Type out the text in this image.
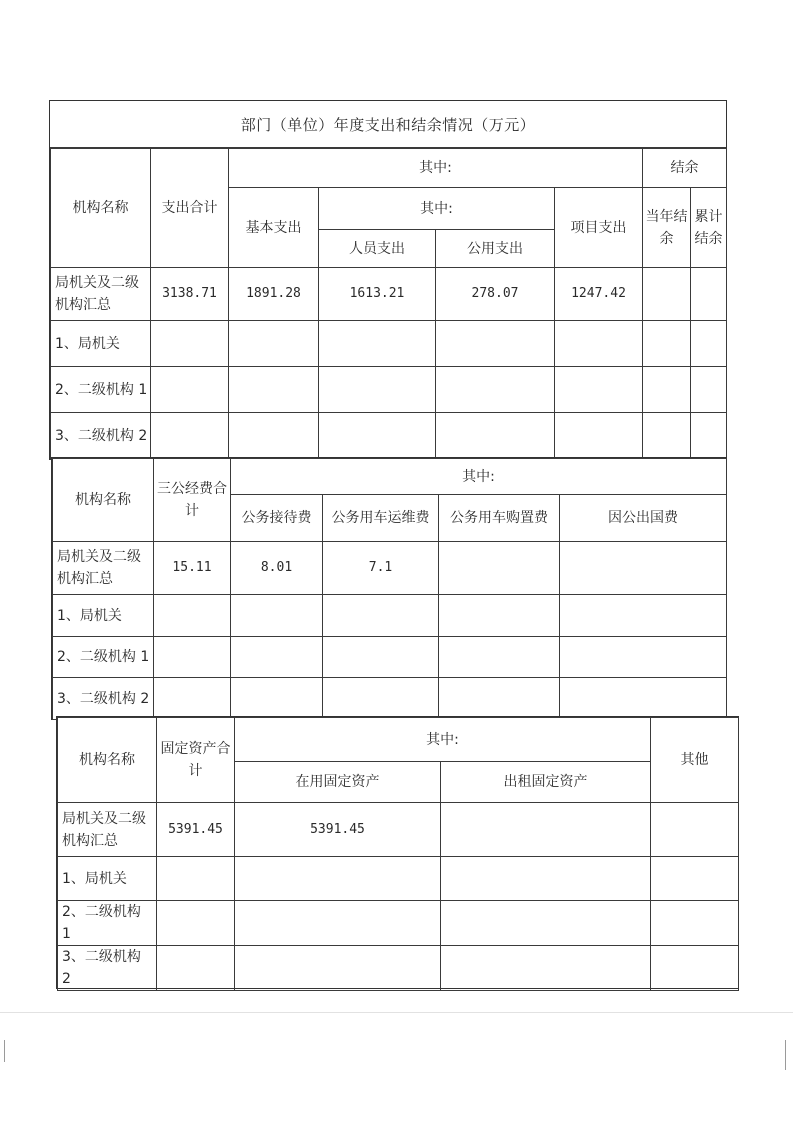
部门（单位）年度支出和结余情况（万元）
机构名称	支出合计	其中:				结余	
		基本支出	其中:		项目支出	当年结余	累计结余
			人员支出	公用支出			
局机关及二级机构汇总	3138.71	1891.28	1613.21	278.07	1247.42		
1、局机关							
2、二级机构 1							
3、二级机构 2							
机构名称	三公经费合计	其中:			
		公务接待费	公务用车运维费	公务用车购置费	因公出国费
局机关及二级机构汇总	15.11	8.01	7.1		
1、局机关					
2、二级机构 1					
3、二级机构 2					
机构名称	固定资产合计	其中:		其他
		在用固定资产	出租固定资产	
局机关及二级机构汇总	5391.45	5391.45		
1、局机关				
2、二级机构 1				
3、二级机构 2				
